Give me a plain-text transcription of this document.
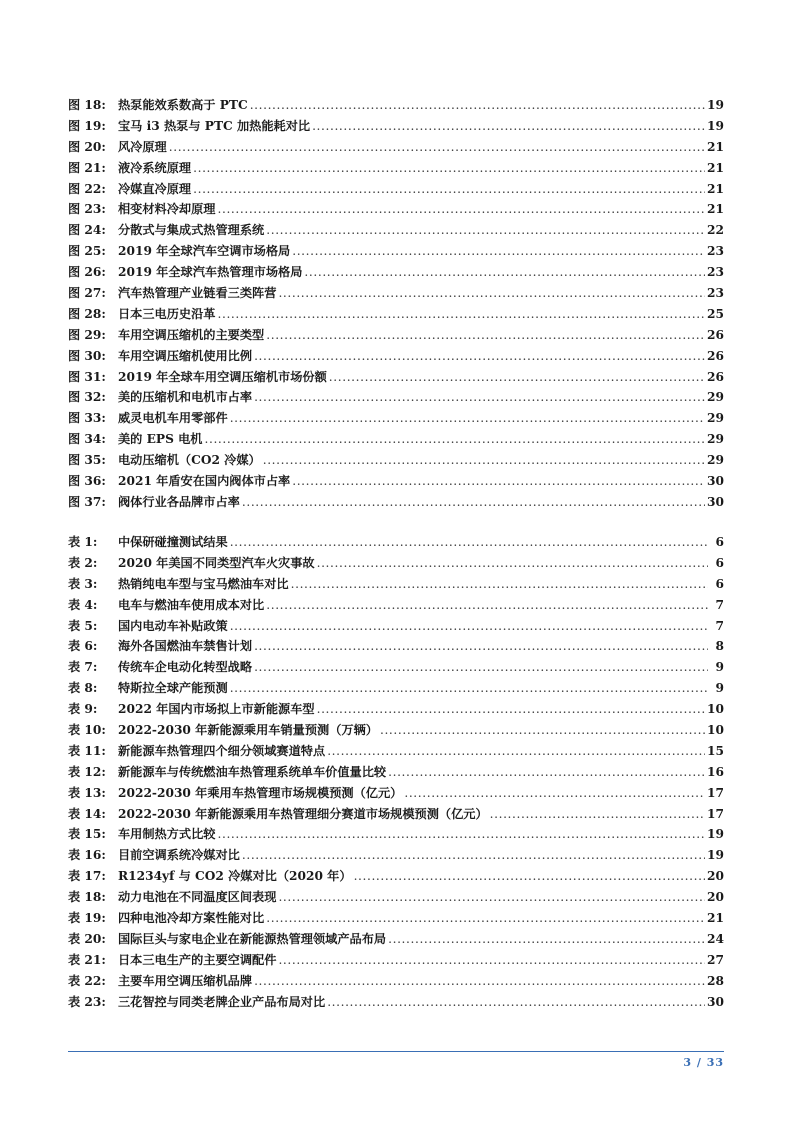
图 18: 热泵能效系数高于 PTC .....	19
图 19: 宝马 i3 热泵与 PTC 加热能耗对比 .....	19
图 20: 风冷原理 .....	21
图 21: 液冷系统原理 .....	21
图 22: 冷媒直冷原理 .....	21
图 23: 相变材料冷却原理 .....	21
图 24: 分散式与集成式热管理系统 .....	22
图 25: 2019 年全球汽车空调市场格局 .....	23
图 26: 2019 年全球汽车热管理市场格局 .....	23
图 27: 汽车热管理产业链看三类阵营 .....	23
图 28: 日本三电历史沿革 .....	25
图 29: 车用空调压缩机的主要类型 .....	26
图 30: 车用空调压缩机使用比例 .....	26
图 31: 2019 年全球车用空调压缩机市场份额 .....	26
图 32: 美的压缩机和电机市占率 .....	29
图 33: 威灵电机车用零部件 .....	29
图 34: 美的 EPS 电机 .....	29
图 35: 电动压缩机（CO2 冷媒） .....	29
图 36: 2021 年盾安在国内阀体市占率 .....	30
图 37: 阀体行业各品牌市占率 .....	30
表 1:	中保研碰撞测试结果 .....	6
表 2:	2020 年美国不同类型汽车火灾事故 .....	6
表 3:	热销纯电车型与宝马燃油车对比 .....	6
表 4:	电车与燃油车使用成本对比 .....	7
表 5:	国内电动车补贴政策 .....	7
表 6:	海外各国燃油车禁售计划 .....	8
表 7:	传统车企电动化转型战略 .....	9
表 8:	特斯拉全球产能预测 .....	9
表 9:	2022 年国内市场拟上市新能源车型 .....	10
表 10: 2022-2030 年新能源乘用车销量预测（万辆） .....	10
表 11: 新能源车热管理四个细分领域赛道特点 .....	15
表 12: 新能源车与传统燃油车热管理系统单车价值量比较 .....	16
表 13: 2022-2030 年乘用车热管理市场规模预测（亿元） .....	17
表 14: 2022-2030 年新能源乘用车热管理细分赛道市场规模预测（亿元） .....	17
表 15: 车用制热方式比较 .....	19
表 16: 目前空调系统冷媒对比 .....	19
表 17: R1234yf 与 CO2 冷媒对比（2020 年） .....	20
表 18: 动力电池在不同温度区间表现 .....	20
表 19: 四种电池冷却方案性能对比 .....	21
表 20: 国际巨头与家电企业在新能源热管理领域产品布局 .....	24
表 21: 日本三电生产的主要空调配件 .....	27
表 22: 主要车用空调压缩机品牌 .....	28
表 23: 三花智控与同类老牌企业产品布局对比 .....	30
3 / 33
